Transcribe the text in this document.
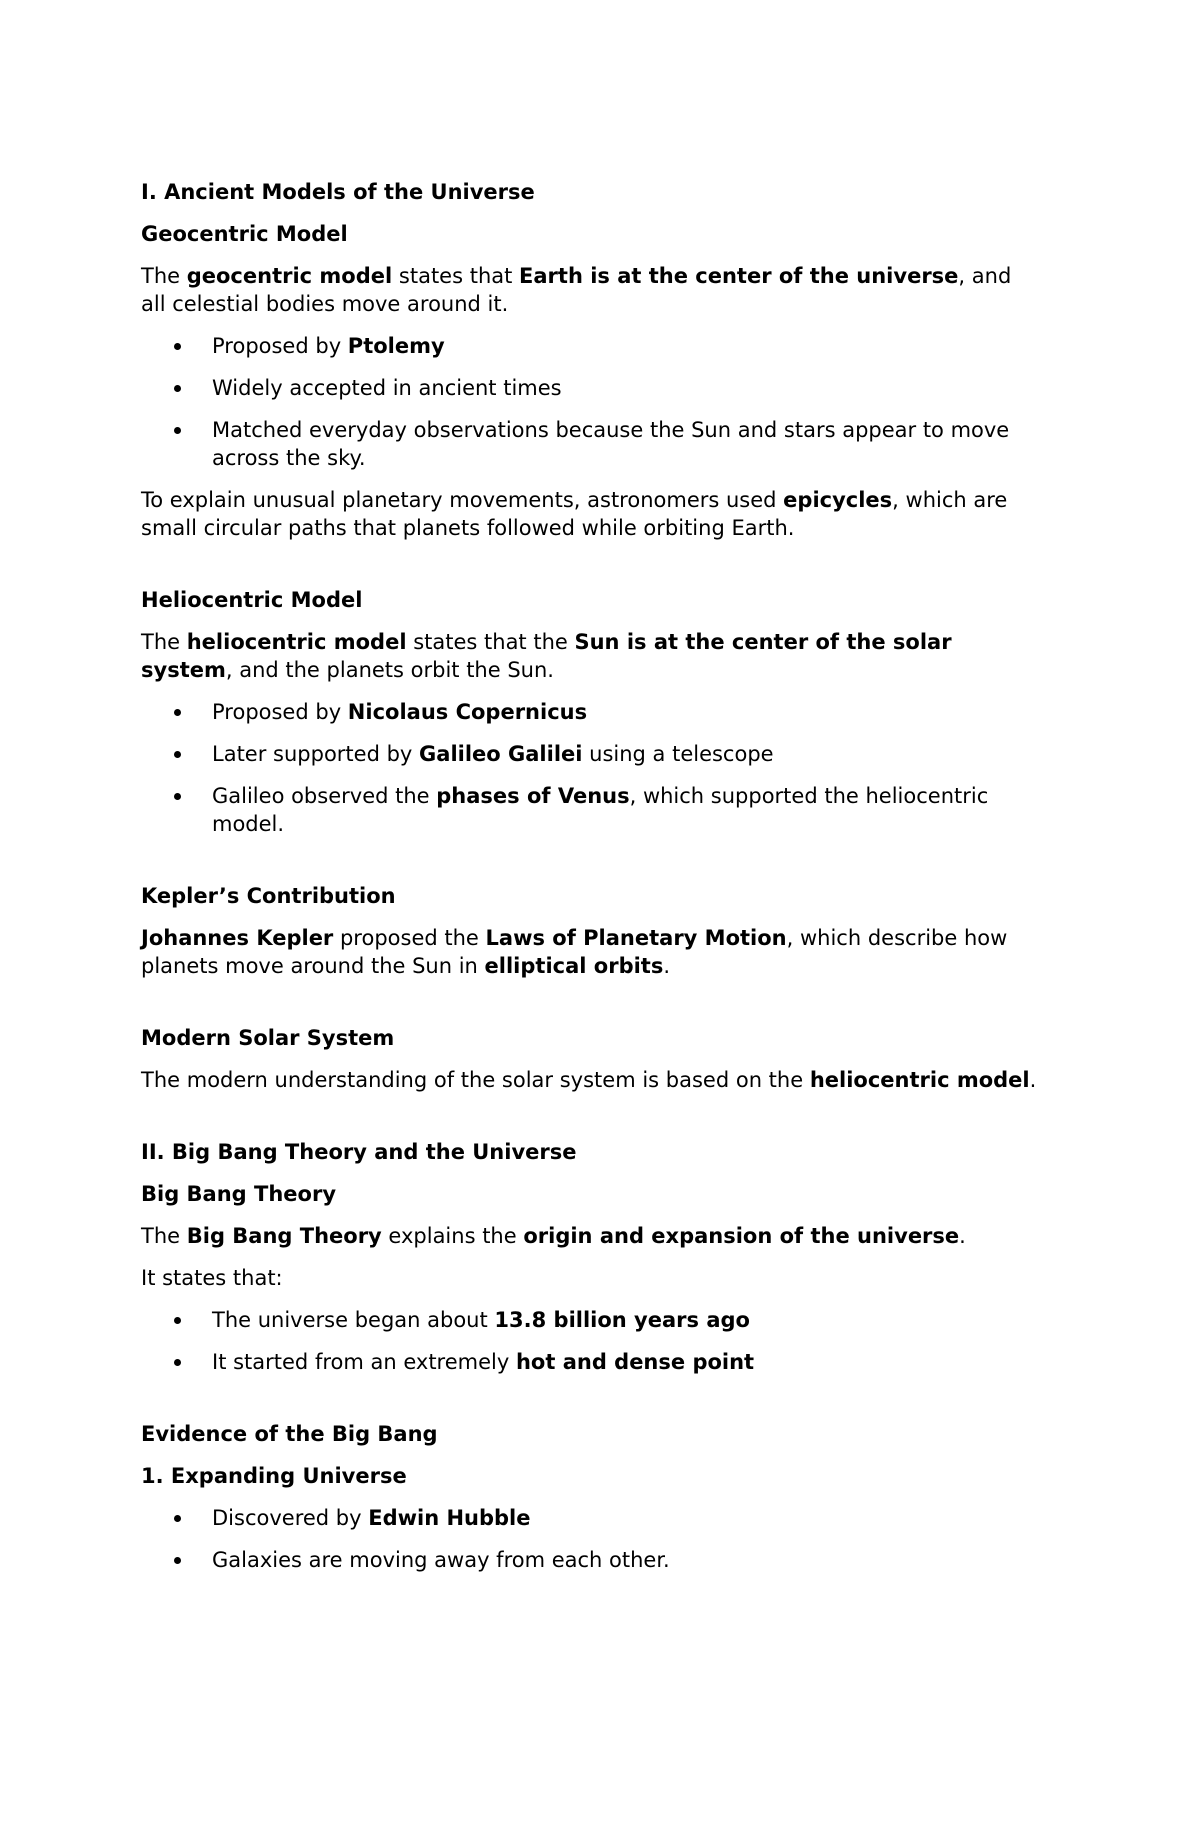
I. Ancient Models of the Universe
Geocentric Model

The geocentric model states that Earth is at the center of the universe, and all celestial bodies move around it.

Proposed by Ptolemy
Widely accepted in ancient times
Matched everyday observations because the Sun and stars appear to move across the sky.

To explain unusual planetary movements, astronomers used epicycles, which are small circular paths that planets followed while orbiting Earth.

Heliocentric Model

The heliocentric model states that the Sun is at the center of the solar system, and the planets orbit the Sun.

Proposed by Nicolaus Copernicus
Later supported by Galileo Galilei using a telescope
Galileo observed the phases of Venus, which supported the heliocentric model.
Kepler’s Contribution

Johannes Kepler proposed the Laws of Planetary Motion, which describe how planets move around the Sun in elliptical orbits.

Modern Solar System

The modern understanding of the solar system is based on the heliocentric model.

II. Big Bang Theory and the Universe
Big Bang Theory

The Big Bang Theory explains the origin and expansion of the universe.

It states that:

The universe began about 13.8 billion years ago
It started from an extremely hot and dense point
Evidence of the Big Bang
1. Expanding Universe
Discovered by Edwin Hubble
Galaxies are moving away from each other.
